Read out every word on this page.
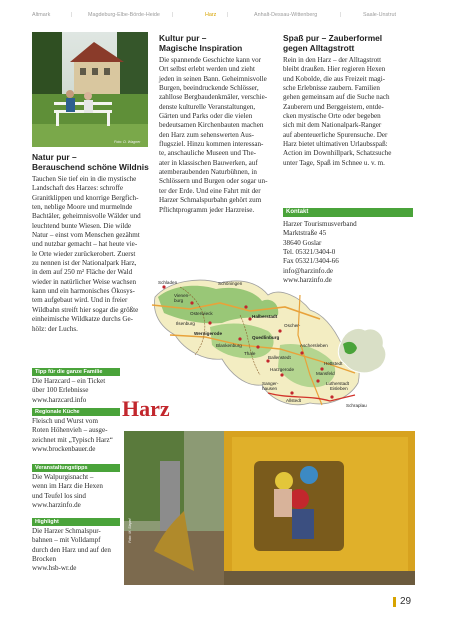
Altmark	|	Magdeburg-Elbe-Börde-Heide |	Harz |	Anhalt-Dessau-Wittenberg	|	Saale-Unstrut
Foto: D. Wagner
Natur pur –
Berauschend schöne Wildnis
Tauchen Sie tief ein in die mystische
Landschaft des Harzes: schroffe
Granitklippen und knorrige Bergfich-
ten, neblige Moore und murmelnde
Bachtäler, geheimnisvolle Wälder und
leuchtend bunte Wiesen. Die wilde
Natur – einst vom Menschen gezähmt
und nutzbar gemacht – hat heute vie-
le Orte wieder zurückerobert. Zuerst
zu nennen ist der Nationalpark Harz,
in dem auf 250 m² Fläche der Wald
wieder in natürlicher Weise wachsen
kann und ein harmonisches Ökosys-
tem aufgebaut wird. Und in freier
Wildbahn streift hier sogar die größte
einheimische Wildkatze durchs Ge-
hölz: der Luchs.
Tipp für die ganze Familie
Die Harzcard – ein Ticket
über 100 Erlebnisse
www.harzcard.info
Regionale Küche
Fleisch und Wurst vom
Roten Höhenvieh – ausge-
zeichnet mit „Typisch Harz“
www.brockenbauer.de
Veranstaltungstipps
Die Walpurgisnacht –
wenn im Harz die Hexen
und Teufel los sind
www.harzinfo.de
Highlight
Die Harzer Schmalspur-
bahnen – mit Volldampf
durch den Harz und auf den
Brocken
www.hsb-wr.de
Kultur pur –
Magische Inspiration
Die spannende Geschichte kann vor
Ort selbst erlebt werden und zieht
jeden in seinen Bann. Geheimnisvolle
Burgen, beeindruckende Schlösser,
zahllose Bergbaudenkmäler, verschie-
denste kulturelle Veranstaltungen,
Gärten und Parks oder die vielen
bedeutsamen Kirchenbauten machen
den Harz zum sehenswerten Aus-
flugsziel. Hinzu kommen interessan-
te, anschauliche Museen und The-
ater in klassischen Bauwerken, auf
atemberaubenden Naturbühnen, in
Schlössern und Burgen oder sogar un-
ter der Erde. Und eine Fahrt mit der
Harzer Schmalspurbahn gehört zum
Pflichtprogramm jeder Harzreise.
Spaß pur – Zauberformel
gegen Alltagstrott
Rein in den Harz – der Alltagstrott
bleibt draußen. Hier regieren Hexen
und Kobolde, die aus Freizeit magi-
sche Erlebnisse zaubern. Familien
gehen gemeinsam auf die Suche nach
Zauberern und Berggeistern, entde-
cken mystische Orte oder begeben
sich mit dem Nationalpark-Ranger
auf abenteuerliche Spurensuche. Der
Harz bietet ultimativen Urlaubsspaß:
Action im Downhillpark, Schatzsuche
unter Tage, Spaß im Schnee u. v. m.
Kontakt
Harzer Tourismusverband
Marktstraße 45
38640 Goslar
Tel. 05321/3404-0
Fax 05321/3404-66
info@harzinfo.de
www.harzinfo.de
Schladen
Vienen-
burg
Schöningen
Osterwieck
Halberstadt
Ilsenburg	Oscher-
Wernigerode
Quedlinburg
Blankenburg
Thale
Aschersleben
Ballenstedt
Hettstedt
Harzgerode
Mansfeld
Lutherstadt
Eisleben
Sanger-
hausen
Allstedt
Schraplau
Harz
Foto: M. Stapel
29
